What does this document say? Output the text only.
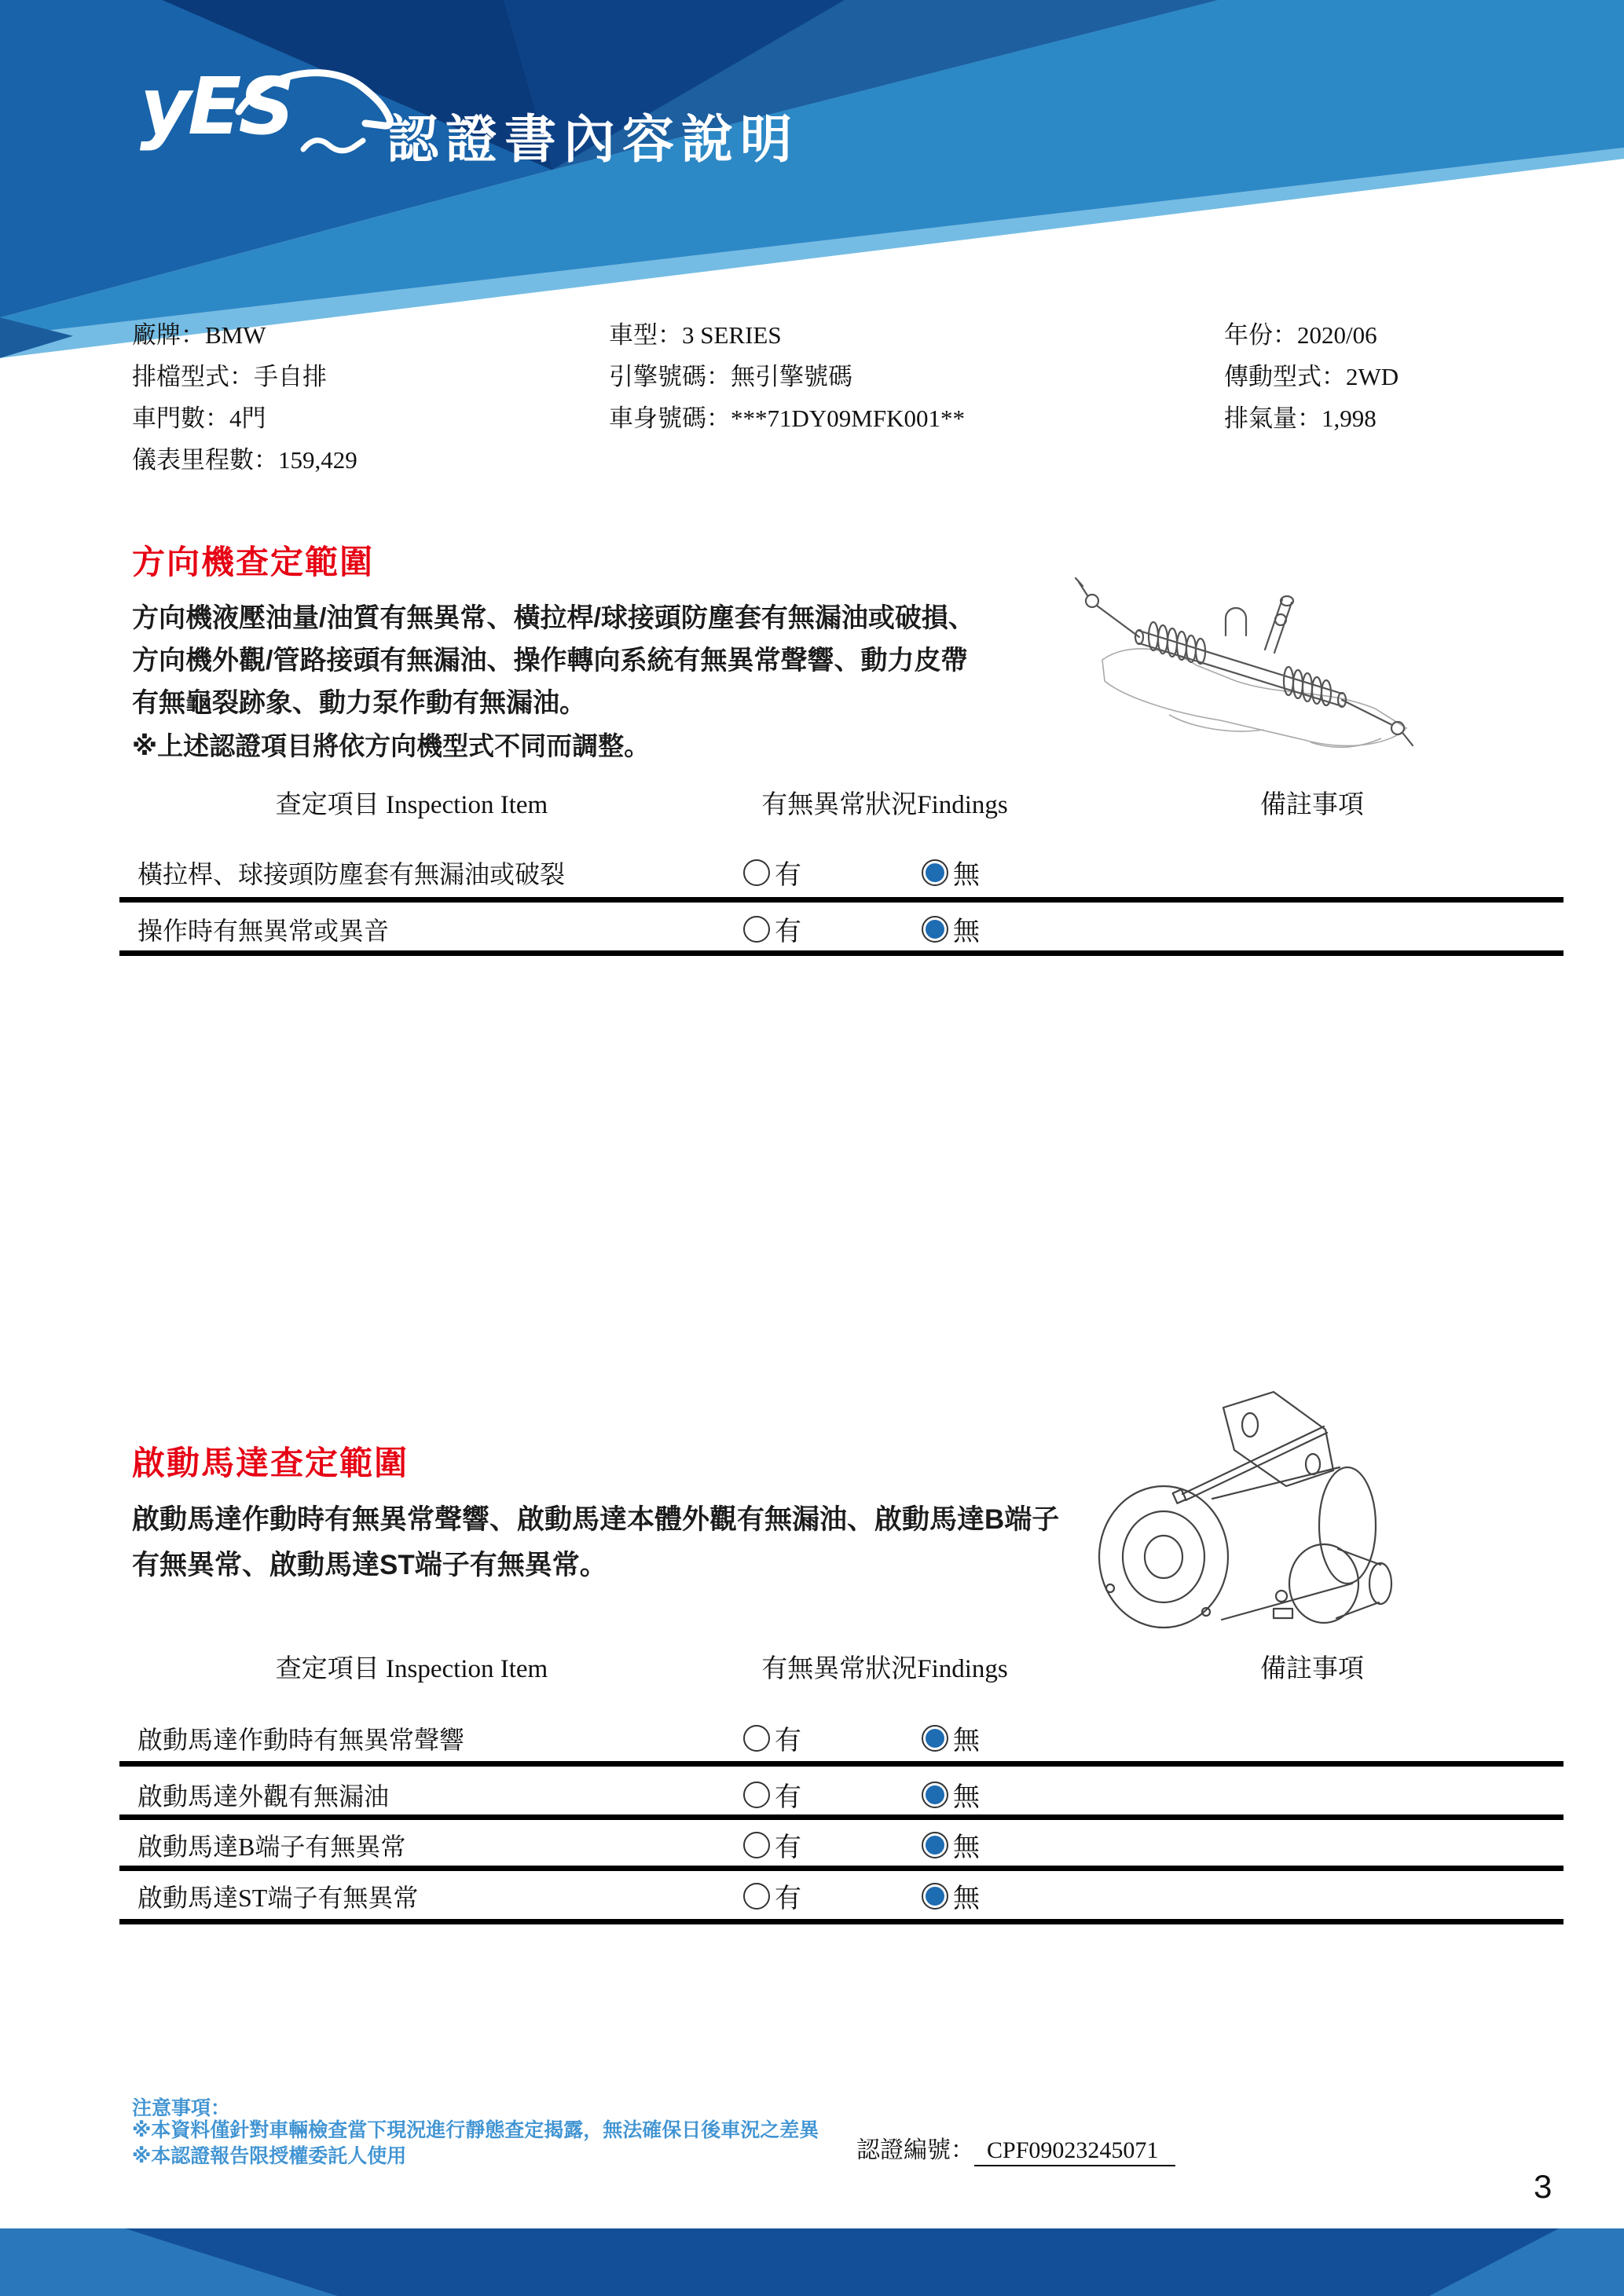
yES 認證書內容說明
廠牌：BMW
排檔型式：手自排
車門數：4門
儀表里程數：159,429
車型：3 SERIES
引擎號碼：無引擎號碼
車身號碼：***71DY09MFK001**
年份：2020/06
傳動型式：2WD
排氣量：1,998
方向機查定範圍
方向機液壓油量/油質有無異常、橫拉桿/球接頭防塵套有無漏油或破損、
方向機外觀/管路接頭有無漏油、操作轉向系統有無異常聲響、動力皮帶
有無龜裂跡象、動力泵作動有無漏油。
※上述認證項目將依方向機型式不同而調整。
查定項目 Inspection Item	有無異常狀況Findings	備註事項
橫拉桿、球接頭防塵套有無漏油或破裂	有	無
操作時有無異常或異音	有	無
啟動馬達查定範圍
啟動馬達作動時有無異常聲響、啟動馬達本體外觀有無漏油、啟動馬達B端子
有無異常、啟動馬達ST端子有無異常。
查定項目 Inspection Item	有無異常狀況Findings	備註事項
啟動馬達作動時有無異常聲響	有	無
啟動馬達外觀有無漏油	有	無
啟動馬達B端子有無異常	有	無
啟動馬達ST端子有無異常	有	無
注意事項：
※本資料僅針對車輛檢查當下現況進行靜態查定揭露，無法確保日後車況之差異
※本認證報告限授權委託人使用	認證編號： CPF09023245071
3
